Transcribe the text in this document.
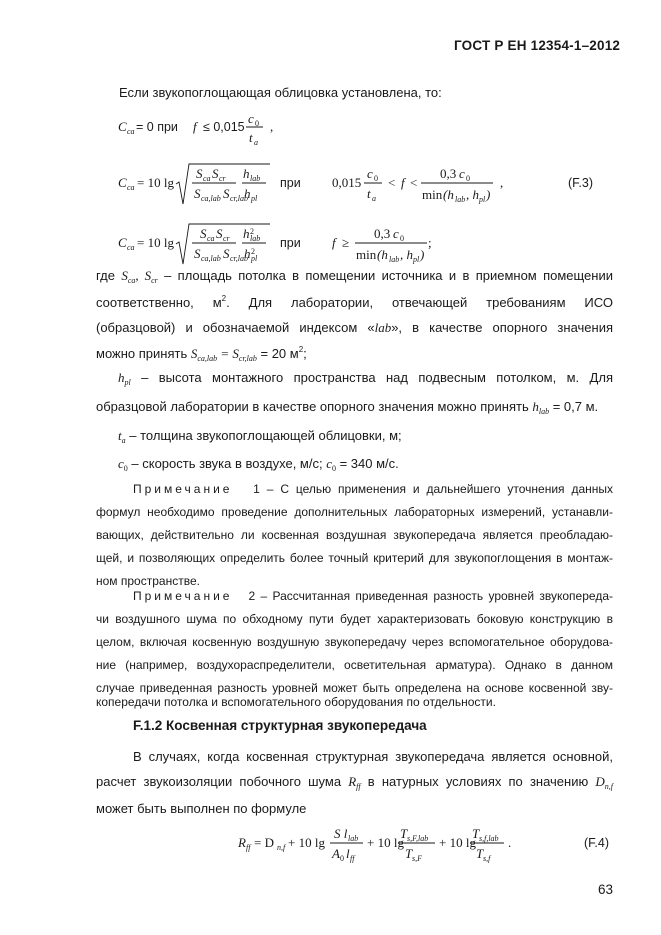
ГОСТ Р ЕН 12354-1–2012
Если звукопоглощающая облицовка установлена, то:
C ca = 0 при f ≤ 0,015
c 0
t a
,
C ca = 10 lg
S ca S cr
S ca,lab S cr,lab
h lab
h pl
при 0,015
c 0
t a
< f <
0,3 c 0
min (h lab , h pl )
,	(F.3)
C ca = 10 lg
S ca S cr
S ca,lab S cr,lab
h 2
lab
h 2
pl
при f ≥
0,3 c 0
min (h lab , h pl )
;
где $S_{ca}$, $S_{cr}$ – площадь потолка в помещении источника и в приемном помещении
соответственно, $м^2$. Для лаборатории, отвечающей требованиям ИСО
(образцовой) и обозначаемой индексом «lab», в качестве опорного значения
можно принять $S_{ca,lab} = S_{cr,lab} = 20$ $м^2$;
$h_{pl}$ – высота монтажного пространства над подвесным потолком, м. Для
образцовой лаборатории в качестве опорного значения можно принять $h_{lab} = 0,7$ м.
$t_a$ – толщина звукопоглощающей облицовки, м;
$c_0$ – скорость звука в воздухе, м/с; $c_0 = 340$ м/с.
Примечание 1 – С целью применения и дальнейшего уточнения данных
формул необходимо проведение дополнительных лабораторных измерений, устанавли-
вающих, действительно ли косвенная воздушная звукопередача является преобладаю-
щей, и позволяющих определить более точный критерий для звукопоглощения в монтаж-
ном пространстве.
Примечание 2 – Рассчитанная приведенная разность уровней звукопереда-
чи воздушного шума по обходному пути будет характеризовать боковую конструкцию в
целом, включая косвенную воздушную звукопередачу через вспомогательное оборудова-
ние (например, воздухораспределители, осветительная арматура). Однако в данном
случае приведенная разность уровней может быть определена на основе косвенной зву-
копередачи потолка и вспомогательного оборудования по отдельности.
F.1.2 Косвенная структурная звукопередача
В случаях, когда косвенная структурная звукопередача является основной,
расчет звукоизоляции побочного шума $R_{ff}$ в натурных условиях по значению $D_{n,f}$
может быть выполнен по формуле
R ff = D n,f + 10 lg
S l lab
A 0 l ff
+ 10 lg
T s,F,lab
T s,F
+ 10 lg
T s,f,lab
T s,f
.	(F.4)
63
